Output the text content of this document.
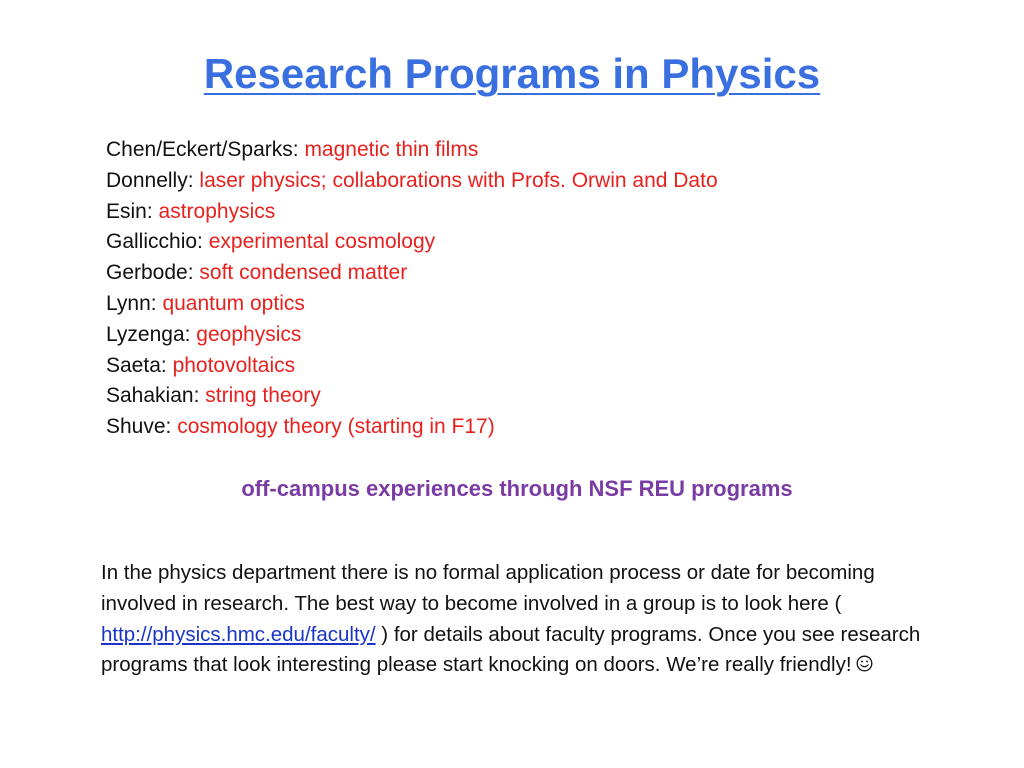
Research Programs in Physics
Chen/Eckert/Sparks: magnetic thin films
Donnelly: laser physics; collaborations with Profs. Orwin and Dato
Esin: astrophysics
Gallicchio: experimental cosmology
Gerbode: soft condensed matter
Lynn: quantum optics
Lyzenga: geophysics
Saeta: photovoltaics
Sahakian: string theory
Shuve: cosmology theory (starting in F17)
off-campus experiences through NSF REU programs

In the physics department there is no formal application process or date for becoming involved in research. The best way to become involved in a group is to look here ( http://physics.hmc.edu/faculty/ ) for details about faculty programs. Once you see research programs that look interesting please start knocking on doors. We’re really friendly!
